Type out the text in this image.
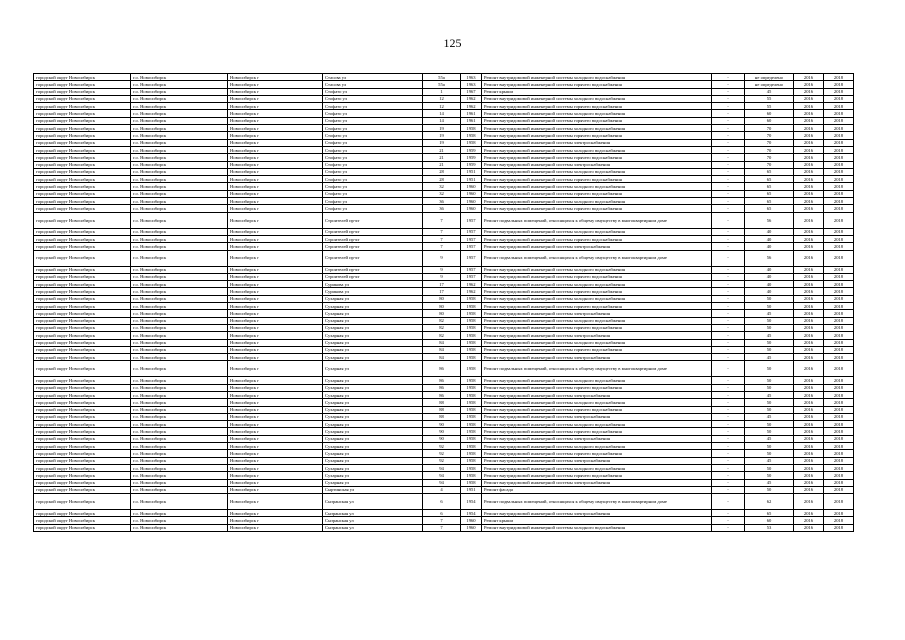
125
городской округ Новосибирск	г.о. Новосибирск	Новосибирск г	Стасова ул	55а	1963	Ремонт внутридомовой инженерной системы холодного водоснабжения	-	не определено	2016	2018
городской округ Новосибирск	г.о. Новосибирск	Новосибирск г	Стасова ул	55а	1963	Ремонт внутридомовой инженерной системы горячего водоснабжения	-	не определено	2016	2018
городской округ Новосибирск	г.о. Новосибирск	Новосибирск г	Стофато ул	1	1967	Ремонт крыши	-	45	2016	2018
городской округ Новосибирск	г.о. Новосибирск	Новосибирск г	Стофато ул	12	1962	Ремонт внутридомовой инженерной системы холодного водоснабжения	-	55	2016	2018
городской округ Новосибирск	г.о. Новосибирск	Новосибирск г	Стофато ул	12	1962	Ремонт внутридомовой инженерной системы горячего водоснабжения	-	55	2016	2018
городской округ Новосибирск	г.о. Новосибирск	Новосибирск г	Стофато ул	14	1961	Ремонт внутридомовой инженерной системы холодного водоснабжения	-	60	2016	2018
городской округ Новосибирск	г.о. Новосибирск	Новосибирск г	Стофато ул	14	1961	Ремонт внутридомовой инженерной системы горячего водоснабжения	-	60	2016	2018
городской округ Новосибирск	г.о. Новосибирск	Новосибирск г	Стофато ул	19	1958	Ремонт внутридомовой инженерной системы холодного водоснабжения	-	70	2016	2018
городской округ Новосибирск	г.о. Новосибирск	Новосибирск г	Стофато ул	19	1958	Ремонт внутридомовой инженерной системы горячего водоснабжения	-	70	2016	2018
городской округ Новосибирск	г.о. Новосибирск	Новосибирск г	Стофато ул	19	1958	Ремонт внутридомовой инженерной системы электроснабжения	-	70	2016	2018
городской округ Новосибирск	г.о. Новосибирск	Новосибирск г	Стофато ул	21	1959	Ремонт внутридомовой инженерной системы холодного водоснабжения	-	70	2016	2018
городской округ Новосибирск	г.о. Новосибирск	Новосибирск г	Стофато ул	21	1959	Ремонт внутридомовой инженерной системы горячего водоснабжения	-	70	2016	2018
городской округ Новосибирск	г.о. Новосибирск	Новосибирск г	Стофато ул	21	1959	Ремонт внутридомовой инженерной системы электроснабжения	-	70	2016	2018
городской округ Новосибирск	г.о. Новосибирск	Новосибирск г	Стофато ул	28	1951	Ремонт внутридомовой инженерной системы холодного водоснабжения	-	65	2016	2018
городской округ Новосибирск	г.о. Новосибирск	Новосибирск г	Стофато ул	28	1951	Ремонт внутридомовой инженерной системы горячего водоснабжения	-	65	2016	2018
городской округ Новосибирск	г.о. Новосибирск	Новосибирск г	Стофато ул	32	1960	Ремонт внутридомовой инженерной системы холодного водоснабжения	-	65	2016	2018
городской округ Новосибирск	г.о. Новосибирск	Новосибирск г	Стофато ул	32	1960	Ремонт внутридомовой инженерной системы горячего водоснабжения	-	65	2016	2018
городской округ Новосибирск	г.о. Новосибирск	Новосибирск г	Стофато ул	36	1960	Ремонт внутридомовой инженерной системы холодного водоснабжения	-	65	2016	2018
городской округ Новосибирск	г.о. Новосибирск	Новосибирск г	Стофато ул	36	1960	Ремонт внутридомовой инженерной системы горячего водоснабжения	-	65	2016	2018
городской округ Новосибирск	г.о. Новосибирск	Новосибирск г	Строителей пр-кт	7	1957	Ремонт подвальных помещений, относящихся к общему имуществу в многоквартирном доме	-	56	2016	2018
городской округ Новосибирск	г.о. Новосибирск	Новосибирск г	Строителей пр-кт	7	1957	Ремонт внутридомовой инженерной системы холодного водоснабжения	-	40	2016	2018
городской округ Новосибирск	г.о. Новосибирск	Новосибирск г	Строителей пр-кт	7	1957	Ремонт внутридомовой инженерной системы горячего водоснабжения	-	40	2016	2018
городской округ Новосибирск	г.о. Новосибирск	Новосибирск г	Строителей пр-кт	7	1957	Ремонт внутридомовой инженерной системы электроснабжения	-	40	2016	2018
городской округ Новосибирск	г.о. Новосибирск	Новосибирск г	Строителей пр-кт	9	1957	Ремонт подвальных помещений, относящихся к общему имуществу в многоквартирном доме	-	56	2016	2018
городской округ Новосибирск	г.о. Новосибирск	Новосибирск г	Строителей пр-кт	9	1957	Ремонт внутридомовой инженерной системы холодного водоснабжения	-	40	2016	2018
городской округ Новосибирск	г.о. Новосибирск	Новосибирск г	Строителей пр-кт	9	1957	Ремонт внутридомовой инженерной системы горячего водоснабжения	-	40	2016	2018
городской округ Новосибирск	г.о. Новосибирск	Новосибирск г	Сурикова ул	17	1962	Ремонт внутридомовой инженерной системы холодного водоснабжения	-	40	2016	2018
городской округ Новосибирск	г.о. Новосибирск	Новосибирск г	Сурикова ул	17	1962	Ремонт внутридомовой инженерной системы горячего водоснабжения	-	40	2016	2018
городской округ Новосибирск	г.о. Новосибирск	Новосибирск г	Сухарная ул	80	1958	Ремонт внутридомовой инженерной системы холодного водоснабжения	-	50	2016	2018
городской округ Новосибирск	г.о. Новосибирск	Новосибирск г	Сухарная ул	80	1958	Ремонт внутридомовой инженерной системы горячего водоснабжения	-	50	2016	2018
городской округ Новосибирск	г.о. Новосибирск	Новосибирск г	Сухарная ул	80	1958	Ремонт внутридомовой инженерной системы электроснабжения	-	45	2016	2018
городской округ Новосибирск	г.о. Новосибирск	Новосибирск г	Сухарная ул	82	1958	Ремонт внутридомовой инженерной системы холодного водоснабжения	-	50	2016	2018
городской округ Новосибирск	г.о. Новосибирск	Новосибирск г	Сухарная ул	82	1958	Ремонт внутридомовой инженерной системы горячего водоснабжения	-	50	2016	2018
городской округ Новосибирск	г.о. Новосибирск	Новосибирск г	Сухарная ул	82	1958	Ремонт внутридомовой инженерной системы электроснабжения	-	45	2016	2018
городской округ Новосибирск	г.о. Новосибирск	Новосибирск г	Сухарная ул	84	1958	Ремонт внутридомовой инженерной системы холодного водоснабжения	-	50	2016	2018
городской округ Новосибирск	г.о. Новосибирск	Новосибирск г	Сухарная ул	84	1958	Ремонт внутридомовой инженерной системы горячего водоснабжения	-	50	2016	2018
городской округ Новосибирск	г.о. Новосибирск	Новосибирск г	Сухарная ул	84	1958	Ремонт внутридомовой инженерной системы электроснабжения	-	45	2016	2018
городской округ Новосибирск	г.о. Новосибирск	Новосибирск г	Сухарная ул	86	1958	Ремонт подвальных помещений, относящихся к общему имуществу в многоквартирном доме	-	50	2016	2018
городской округ Новосибирск	г.о. Новосибирск	Новосибирск г	Сухарная ул	86	1958	Ремонт внутридомовой инженерной системы холодного водоснабжения	-	50	2016	2018
городской округ Новосибирск	г.о. Новосибирск	Новосибирск г	Сухарная ул	86	1958	Ремонт внутридомовой инженерной системы горячего водоснабжения	-	50	2016	2018
городской округ Новосибирск	г.о. Новосибирск	Новосибирск г	Сухарная ул	86	1958	Ремонт внутридомовой инженерной системы электроснабжения	-	45	2016	2018
городской округ Новосибирск	г.о. Новосибирск	Новосибирск г	Сухарная ул	88	1958	Ремонт внутридомовой инженерной системы холодного водоснабжения	-	50	2016	2018
городской округ Новосибирск	г.о. Новосибирск	Новосибирск г	Сухарная ул	88	1958	Ремонт внутридомовой инженерной системы горячего водоснабжения	-	50	2016	2018
городской округ Новосибирск	г.о. Новосибирск	Новосибирск г	Сухарная ул	88	1958	Ремонт внутридомовой инженерной системы электроснабжения	-	45	2016	2018
городской округ Новосибирск	г.о. Новосибирск	Новосибирск г	Сухарная ул	90	1958	Ремонт внутридомовой инженерной системы холодного водоснабжения	-	50	2016	2018
городской округ Новосибирск	г.о. Новосибирск	Новосибирск г	Сухарная ул	90	1958	Ремонт внутридомовой инженерной системы горячего водоснабжения	-	50	2016	2018
городской округ Новосибирск	г.о. Новосибирск	Новосибирск г	Сухарная ул	90	1958	Ремонт внутридомовой инженерной системы электроснабжения	-	45	2016	2018
городской округ Новосибирск	г.о. Новосибирск	Новосибирск г	Сухарная ул	92	1958	Ремонт внутридомовой инженерной системы холодного водоснабжения	-	50	2016	2018
городской округ Новосибирск	г.о. Новосибирск	Новосибирск г	Сухарная ул	92	1958	Ремонт внутридомовой инженерной системы горячего водоснабжения	-	50	2016	2018
городской округ Новосибирск	г.о. Новосибирск	Новосибирск г	Сухарная ул	92	1958	Ремонт внутридомовой инженерной системы электроснабжения	-	45	2016	2018
городской округ Новосибирск	г.о. Новосибирск	Новосибирск г	Сухарная ул	94	1958	Ремонт внутридомовой инженерной системы холодного водоснабжения	-	50	2016	2018
городской округ Новосибирск	г.о. Новосибирск	Новосибирск г	Сухарная ул	94	1958	Ремонт внутридомовой инженерной системы горячего водоснабжения	-	50	2016	2018
городской округ Новосибирск	г.о. Новосибирск	Новосибирск г	Сухарная ул	94	1958	Ремонт внутридомовой инженерной системы электроснабжения	-	45	2016	2018
городской округ Новосибирск	г.о. Новосибирск	Новосибирск г	Сыртинская ул	4	1951	Ремонт фасада	-	50	2016	2018
городской округ Новосибирск	г.о. Новосибирск	Новосибирск г	Сызранская ул	6	1954	Ремонт подвальных помещений, относящихся к общему имуществу в многоквартирном доме	-	62	2016	2018
городской округ Новосибирск	г.о. Новосибирск	Новосибирск г	Сызранская ул	6	1954	Ремонт внутридомовой инженерной системы электроснабжения	-	65	2016	2018
городской округ Новосибирск	г.о. Новосибирск	Новосибирск г	Сызранская ул	7	1960	Ремонт крыши	-	60	2016	2018
городской округ Новосибирск	г.о. Новосибирск	Новосибирск г	Сызранская ул	7	1960	Ремонт внутридомовой инженерной системы холодного водоснабжения	-	53	2016	2018
